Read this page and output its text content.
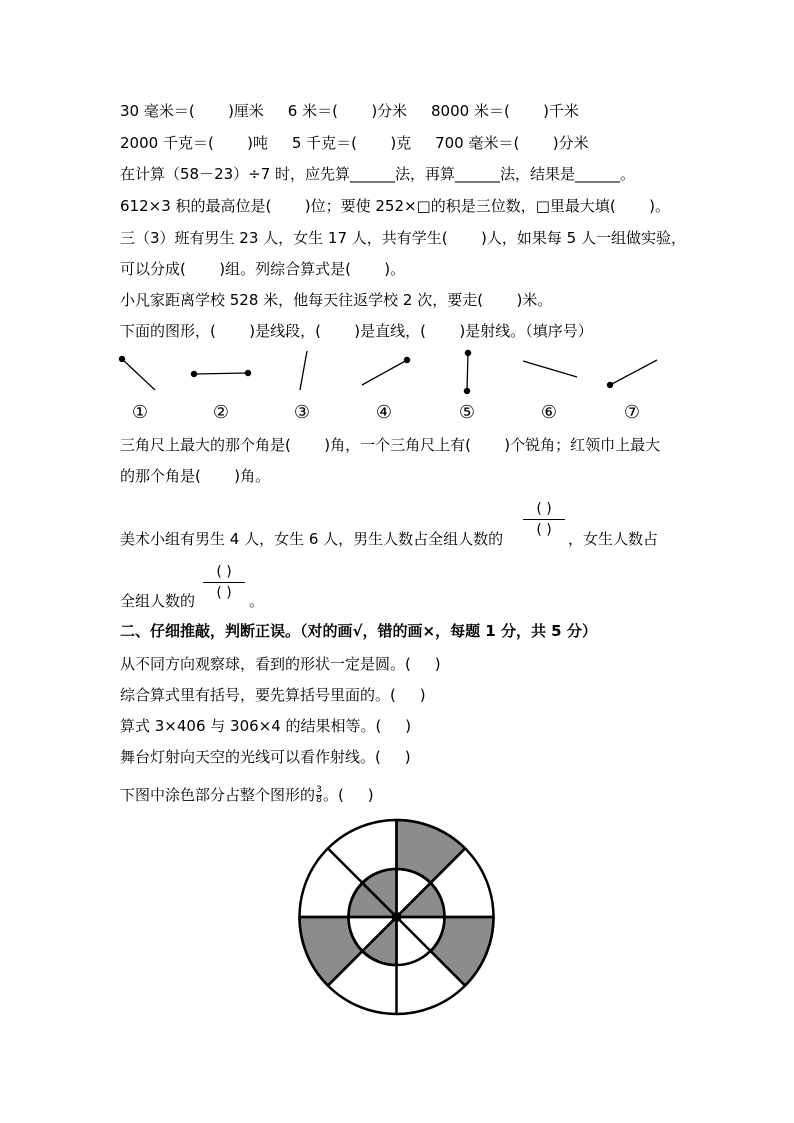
30 毫米＝(       )厘米     6 米＝(       )分米     8000 米＝(       )千米
2000 千克＝(       )吨     5 千克＝(       )克     700 毫米＝(       )分米
在计算（58－23）÷7 时，应先算______法，再算______法，结果是______。
612×3 积的最高位是(       )位；要使 252×□的积是三位数，□里最大填(       )。
三（3）班有男生 23 人，女生 17 人，共有学生(       )人，如果每 5 人一组做实验，
可以分成(       )组。列综合算式是(       )。
小凡家距离学校 528 米，他每天往返学校 2 次，要走(       )米。
下面的图形，(       )是线段，(       )是直线，(       )是射线。（填序号）
①	②	③	④	⑤	⑥	⑦
三角尺上最大的那个角是(       )角，一个三角尺上有(       )个锐角；红领巾上最大
的那个角是(       )角。
美术小组有男生 4 人，女生 6 人，男生人数占全组人数的
( )
( )	，女生人数占
全组人数的
( )
( )	。
二、仔细推敲，判断正误。（对的画√，错的画×，每题 1 分，共 5 分）
从不同方向观察球，看到的形状一定是圆。(     )
综合算式里有括号，要先算括号里面的。(     )
算式 3×406 与 306×4 的结果相等。(     )
舞台灯射向天空的光线可以看作射线。(     )
下图中涂色部分占整个图形的 $\frac{3}{8}$ 。(     )
